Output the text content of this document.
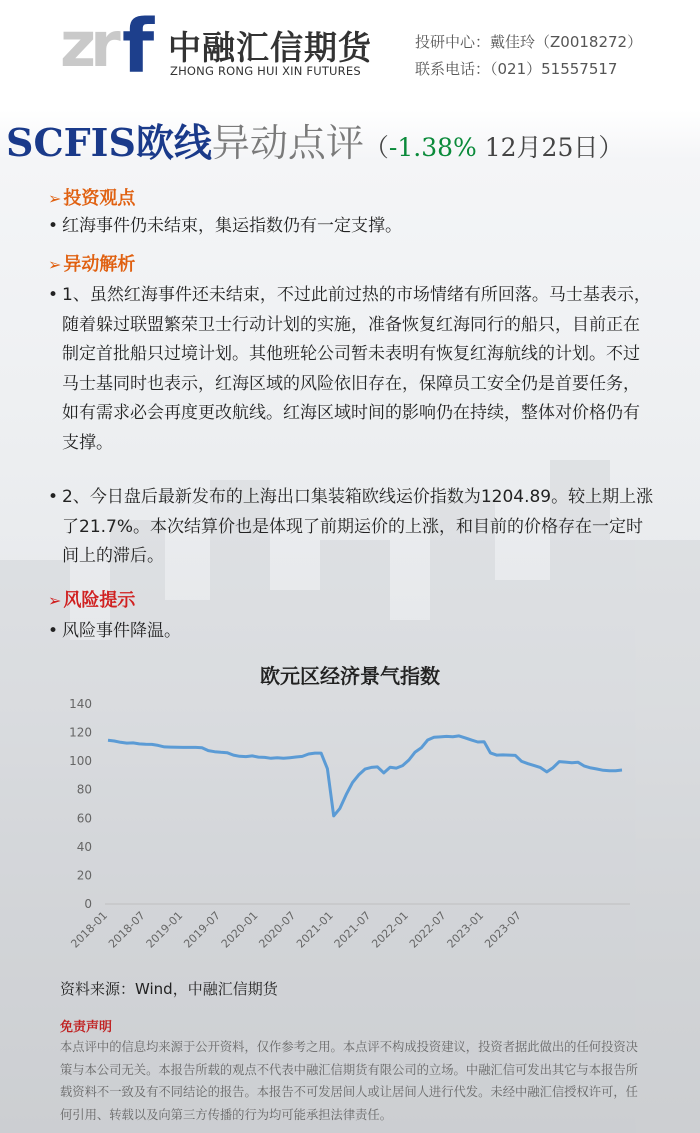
zr f 中融汇信期货
ZHONG RONG HUI XIN FUTURES
投研中心：戴佳玲（Z0018272）
联系电话：（021）51557517
SCFIS欧线异动点评（-1.38% 12月25日）
➢ 投资观点
• 红海事件仍未结束，集运指数仍有一定支撑。
➢ 异动解析
• 1、虽然红海事件还未结束，不过此前过热的市场情绪有所回落。马士基表示，随着躲过联盟繁荣卫士行动计划的实施，准备恢复红海同行的船只，目前正在制定首批船只过境计划。其他班轮公司暂未表明有恢复红海航线的计划。不过马士基同时也表示，红海区域的风险依旧存在，保障员工安全仍是首要任务，如有需求必会再度更改航线。红海区域时间的影响仍在持续，整体对价格仍有支撑。
• 2、今日盘后最新发布的上海出口集装箱欧线运价指数为1204.89。较上期上涨了21.7%。本次结算价也是体现了前期运价的上涨，和目前的价格存在一定时间上的滞后。
➢ 风险提示
• 风险事件降温。
欧元区经济景气指数
0
20
40
60
80
100
120
140
2018-01
2018-07
2019-01
2019-07
2020-01
2020-07
2021-01
2021-07
2022-01
2022-07
2023-01
2023-07
资料来源：Wind，中融汇信期货
免责声明
本点评中的信息均来源于公开资料，仅作参考之用。本点评不构成投资建议，投资者据此做出的任何投资决策与本公司无关。本报告所载的观点不代表中融汇信期货有限公司的立场。中融汇信可发出其它与本报告所载资料不一致及有不同结论的报告。本报告不可发居间人或让居间人进行代发。未经中融汇信授权许可，任何引用、转载以及向第三方传播的行为均可能承担法律责任。
